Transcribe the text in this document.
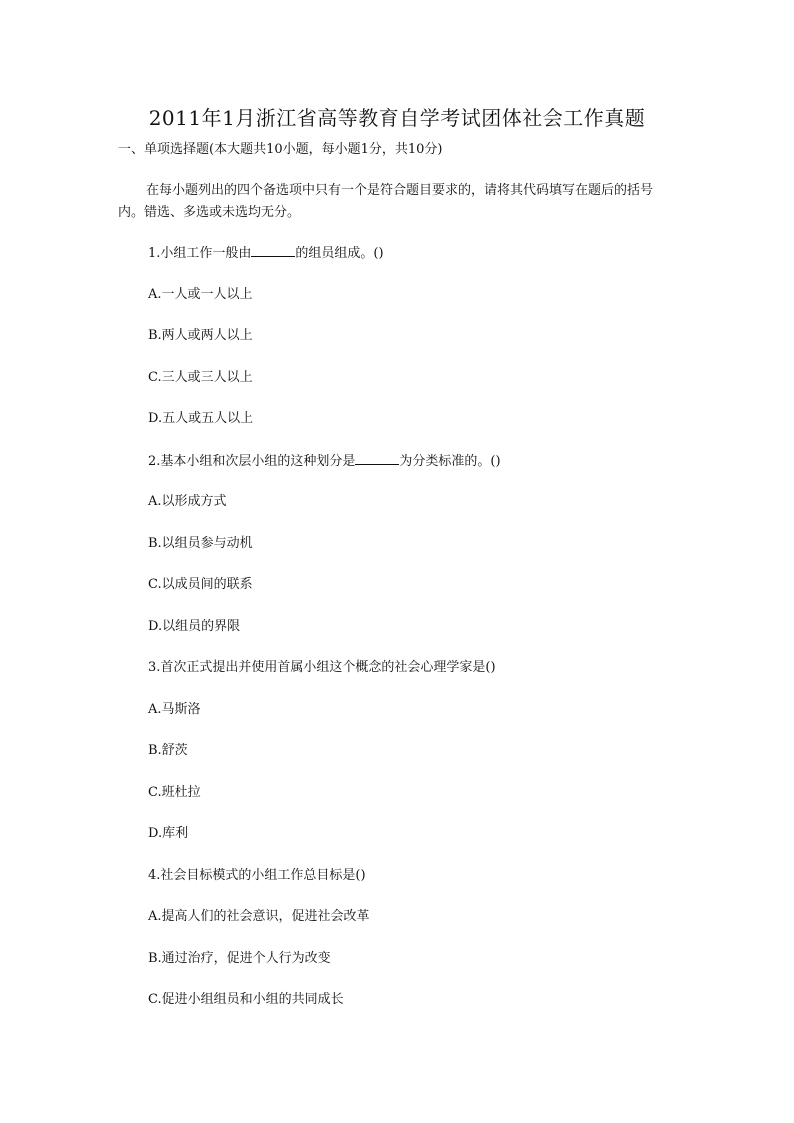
2011年1月浙江省高等教育自学考试团体社会工作真题
一、单项选择题(本大题共10小题，每小题1分，共10分)
在每小题列出的四个备选项中只有一个是符合题目要求的，请将其代码填写在题后的括号内。错选、多选或未选均无分。
1.小组工作一般由	的组员组成。()
A.一人或一人以上
B.两人或两人以上
C.三人或三人以上
D.五人或五人以上
2.基本小组和次层小组的这种划分是	为分类标准的。()
A.以形成方式
B.以组员参与动机
C.以成员间的联系
D.以组员的界限
3.首次正式提出并使用首属小组这个概念的社会心理学家是()
A.马斯洛
B.舒茨
C.班杜拉
D.库利
4.社会目标模式的小组工作总目标是()
A.提高人们的社会意识，促进社会改革
B.通过治疗，促进个人行为改变
C.促进小组组员和小组的共同成长
